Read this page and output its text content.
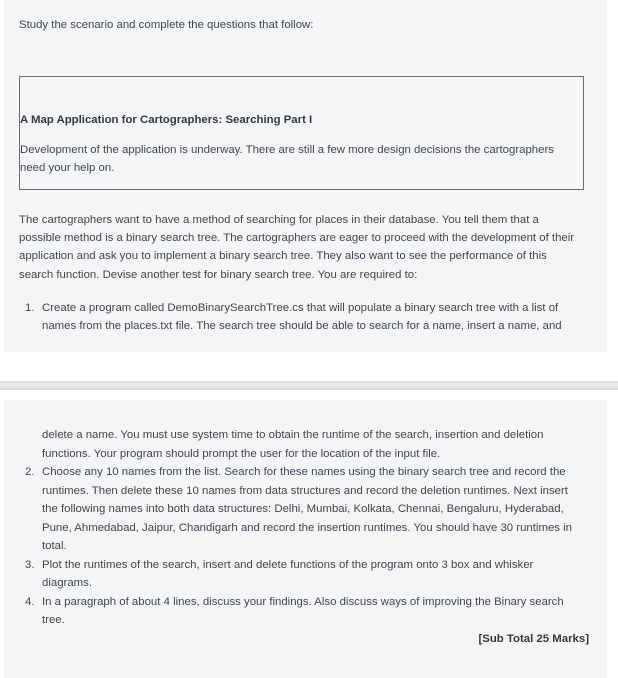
Study the scenario and complete the questions that follow:

A Map Application for Cartographers: Searching Part I

Development of the application is underway. There are still a few more design decisions the cartographers need your help on.

The cartographers want to have a method of searching for places in their database. You tell them that a possible method is a binary search tree. The cartographers are eager to proceed with the development of their application and ask you to implement a binary search tree. They also want to see the performance of this search function. Devise another test for binary search tree. You are required to:

1. Create a program called DemoBinarySearchTree.cs that will populate a binary search tree with a list of names from the places.txt file. The search tree should be able to search for a name, insert a name, and
delete a name. You must use system time to obtain the runtime of the search, insertion and deletion functions. Your program should prompt the user for the location of the input file.
2. Choose any 10 names from the list. Search for these names using the binary search tree and record the runtimes. Then delete these 10 names from data structures and record the deletion runtimes. Next insert the following names into both data structures: Delhi, Mumbai, Kolkata, Chennai, Bengaluru, Hyderabad, Pune, Ahmedabad, Jaipur, Chandigarh and record the insertion runtimes. You should have 30 runtimes in total.
3. Plot the runtimes of the search, insert and delete functions of the program onto 3 box and whisker diagrams.
4. In a paragraph of about 4 lines, discuss your findings. Also discuss ways of improving the Binary search tree.

[Sub Total 25 Marks]
